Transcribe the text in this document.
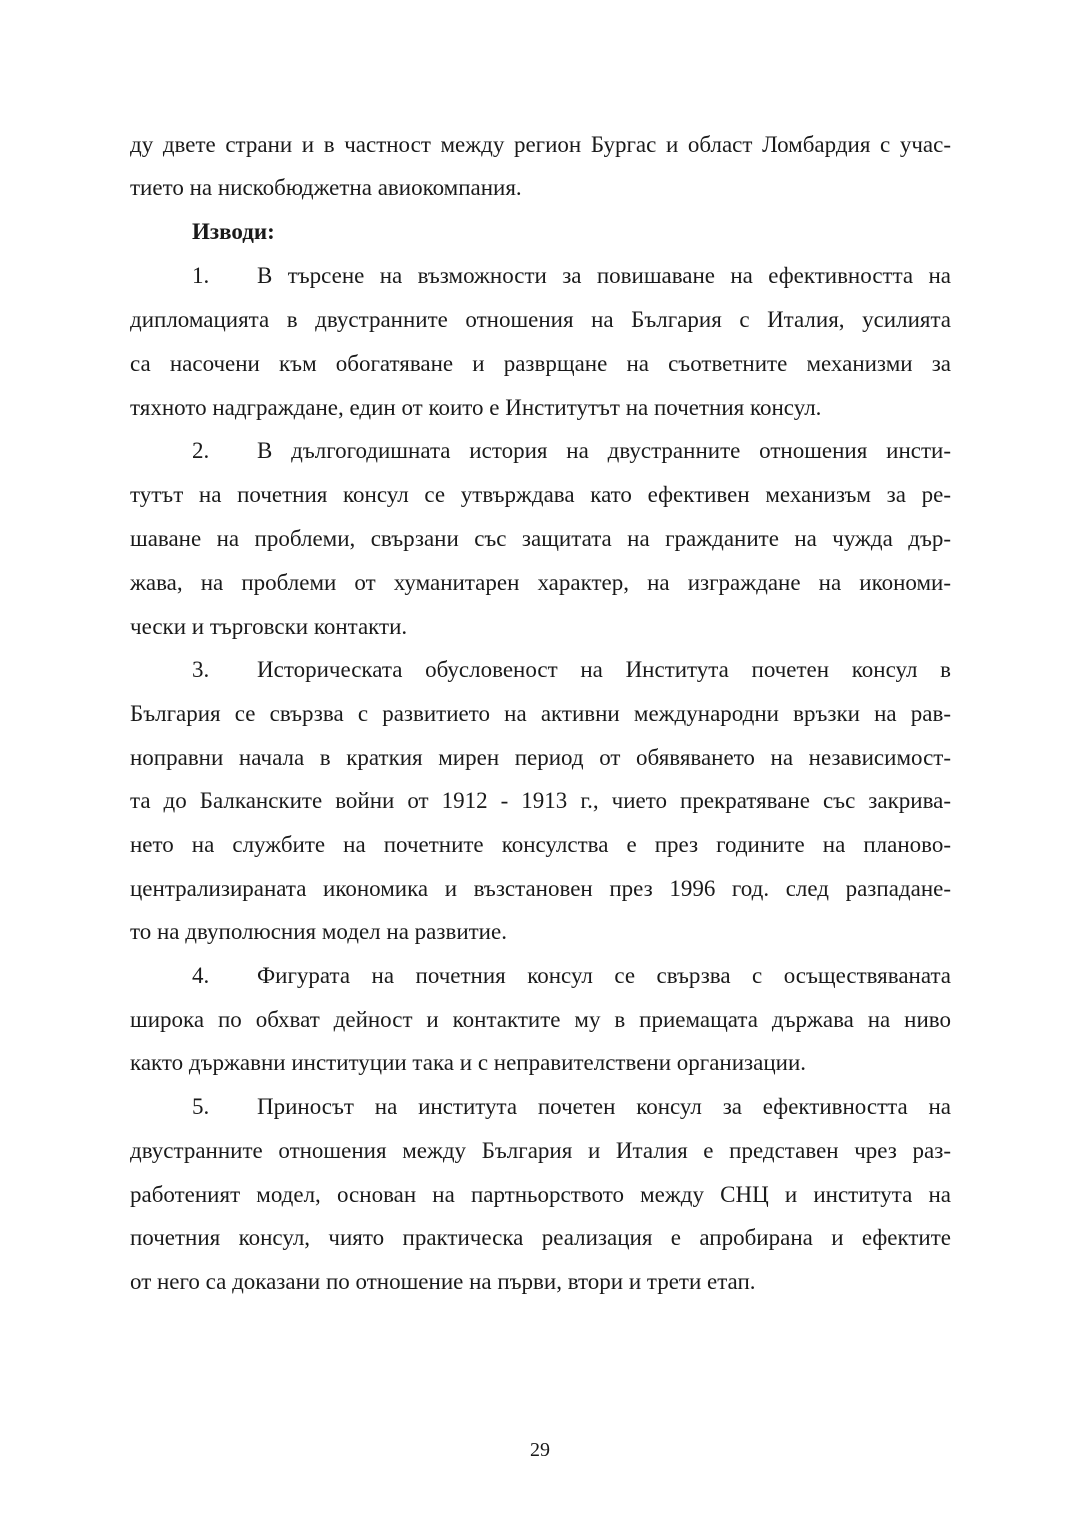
ду двете страни и в частност между регион Бургас и област Ломбардия с учас-
тието на нискобюджетна авиокомпания.
Изводи:
1. В търсене на възможности за повишаване на ефективността на
дипломацията в двустранните отношения на България с Италия, усилията
са насочени към обогатяване и разврщане на съответните механизми за
тяхното надграждане, един от които е Институтът на почетния консул.
2. В дългогодишната история на двустранните отношения инсти-
тутът на почетния консул се утвърждава като ефективен механизъм за ре-
шаване на проблеми, свързани със защитата на гражданите на чужда дър-
жава, на проблеми от хуманитарен характер, на изграждане на икономи-
чески и търговски контакти.
3. Историческата обусловеност на Института почетен консул в
България се свързва с развитието на активни международни връзки на рав-
ноправни начала в краткия мирен период от обявяването на независимост-
та до Балканските войни от 1912 - 1913 г., чието прекратяване със закрива-
нето на службите на почетните консулства е през годините на планово-
централизираната икономика и възстановен през 1996 год. след разпадане-
то на двуполюсния модел на развитие.
4. Фигурата на почетния консул се свързва с осъществяваната
широка по обхват дейност и контактите му в приемащата държава на ниво
както държавни институции така и с неправителствени организации.
5. Приносът на института почетен консул за ефективността на
двустранните отношения между България и Италия е представен чрез раз-
работеният модел, основан на партньорството между СНЦ и института на
почетния консул, чиято практическа реализация е апробирана и ефектите
от него са доказани по отношение на първи, втори и трети етап.
29
